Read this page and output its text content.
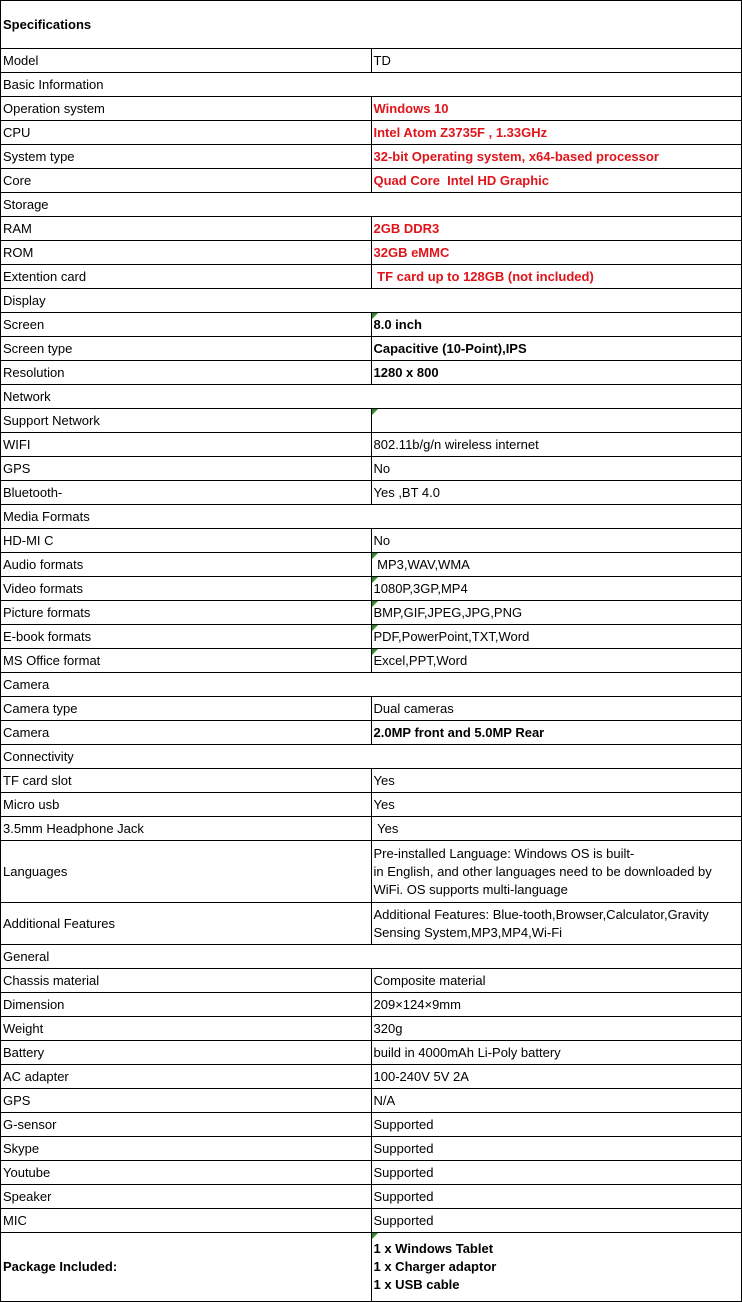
Specifications	
Model	TD
Basic Information	
Operation system	Windows 10
CPU	Intel Atom Z3735F , 1.33GHz
System type	32-bit Operating system, x64-based processor
Core	Quad Core  Intel HD Graphic
Storage	
RAM	2GB DDR3
ROM	32GB eMMC
Extention card	TF card up to 128GB (not included)
Display	
Screen	8.0 inch
Screen type	Capacitive (10-Point),IPS
Resolution	1280 x 800
Network	
Support Network	
WIFI	802.11b/g/n wireless internet
GPS	No
Bluetooth-	Yes ,BT 4.0
Media Formats	
HD-MI C	No
Audio formats	MP3,WAV,WMA
Video formats	1080P,3GP,MP4
Picture formats	BMP,GIF,JPEG,JPG,PNG
E-book formats	PDF,PowerPoint,TXT,Word
MS Office format	Excel,PPT,Word
Camera	
Camera type	Dual cameras
Camera	2.0MP front and 5.0MP Rear
Connectivity	
TF card slot	Yes
Micro usb	Yes
3.5mm Headphone Jack	Yes
Languages	Pre-installed Language: Windows OS is built-
in English, and other languages need to be downloaded by WiFi. OS supports multi-language
Additional Features	Additional Features: Blue-tooth,Browser,Calculator,Gravity Sensing System,MP3,MP4,Wi-Fi
General	
Chassis material	Composite material
Dimension	209×124×9mm
Weight	320g
Battery	build in 4000mAh Li-Poly battery
AC adapter	100-240V 5V 2A
GPS	N/A
G-sensor	Supported
Skype	Supported
Youtube	Supported
Speaker	Supported
MIC	Supported
Package Included:	1 x Windows Tablet
1 x Charger adaptor
1 x USB cable
